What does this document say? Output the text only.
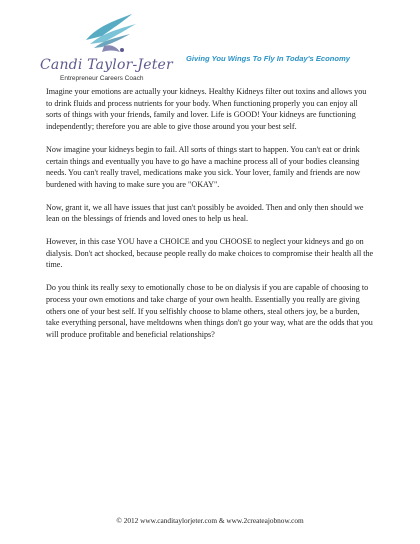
Candi Taylor-Jeter
Entrepreneur Careers Coach
Giving You Wings To Fly In Today's Economy

Imagine your emotions are actually your kidneys. Healthy Kidneys filter out toxins and allows you to drink fluids and process nutrients for your body. When functioning properly you can enjoy all sorts of things with your friends, family and lover. Life is GOOD! Your kidneys are functioning independently; therefore you are able to give those around you your best self.

Now imagine your kidneys begin to fail. All sorts of things start to happen. You can't eat or drink certain things and eventually you have to go have a machine process all of your bodies cleansing needs. You can't really travel, medications make you sick. Your lover, family and friends are now burdened with having to make sure you are "OKAY".

Now, grant it, we all have issues that just can't possibly be avoided. Then and only then should we lean on the blessings of friends and loved ones to help us heal.

However, in this case YOU have a CHOICE and you CHOOSE to neglect your kidneys and go on dialysis. Don't act shocked, because people really do make choices to compromise their health all the time.

Do you think its really sexy to emotionally chose to be on dialysis if you are capable of choosing to process your own emotions and take charge of your own health. Essentially you really are giving others one of your best self. If you selfishly choose to blame others, steal others joy, be a burden, take everything personal, have meltdowns when things don't go your way, what are the odds that you will produce profitable and beneficial relationships?

© 2012 www.canditaylorjeter.com & www.2createajobnow.com
